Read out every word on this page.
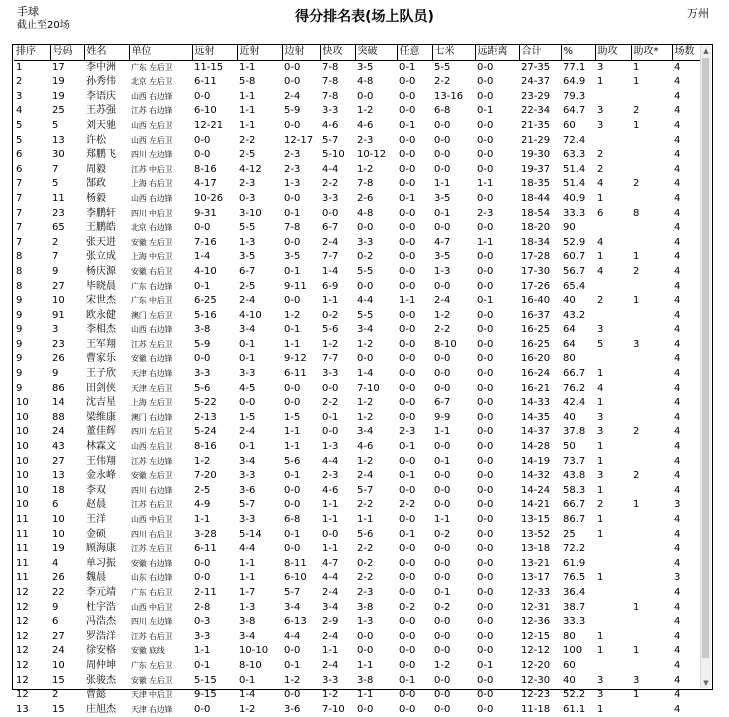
手球
截止至20场
得分排名表(场上队员)	万州
排序	号码	姓名	单位	远射	近射	边射	快攻	突破	任意	七米	远距离	合计	%	助攻	助攻*	场数
1	17	李中洲	广东 左后卫	11-15	1-1	0-0	7-8	3-5	0-1	5-5	0-0	27-35	77.1	3	1	4
2	19	孙秀伟	北京 左后卫	6-11	5-8	0-0	7-8	4-8	0-0	2-2	0-0	24-37	64.9	1	1	4
3	19	李语庆	山西 右边锋	0-0	1-1	2-4	7-8	0-0	0-0	13-16	0-0	23-29	79.3			4
4	25	王苏强	江苏 右边锋	6-10	1-1	5-9	3-3	1-2	0-0	6-8	0-1	22-34	64.7	3	2	4
5	5	刘天驰	山西 左后卫	12-21	1-1	0-0	4-6	4-6	0-1	0-0	0-0	21-35	60	3	1	4
5	13	许松	山西 左后卫	0-0	2-2	12-17	5-7	2-3	0-0	0-0	0-0	21-29	72.4			4
6	30	郑鹏飞	四川 左边锋	0-0	2-5	2-3	5-10	10-12	0-0	0-0	0-0	19-30	63.3	2		4
6	7	周毅	江苏 中后卫	8-16	4-12	2-3	4-4	1-2	0-0	0-0	0-0	19-37	51.4	2		4
7	5	郜政	上海 右后卫	4-17	2-3	1-3	2-2	7-8	0-0	1-1	1-1	18-35	51.4	4	2	4
7	11	杨毅	山西 右边锋	10-26	0-3	0-0	3-3	2-6	0-1	3-5	0-0	18-44	40.9	1		4
7	23	李鹏轩	四川 中后卫	9-31	3-10	0-1	0-0	4-8	0-0	0-1	2-3	18-54	33.3	6	8	4
7	65	王鹏皓	北京 右边锋	0-0	5-5	7-8	6-7	0-0	0-0	0-0	0-0	18-20	90			4
7	2	张天进	安徽 左后卫	7-16	1-3	0-0	2-4	3-3	0-0	4-7	1-1	18-34	52.9	4		4
8	7	张立成	上海 中后卫	1-4	3-5	3-5	7-7	0-2	0-0	3-5	0-0	17-28	60.7	1	1	4
8	9	杨庆源	安徽 右后卫	4-10	6-7	0-1	1-4	5-5	0-0	1-3	0-0	17-30	56.7	4	2	4
8	27	毕晓晨	广东 右边锋	0-1	2-5	9-11	6-9	0-0	0-0	0-0	0-0	17-26	65.4			4
9	10	宋世杰	广东 中后卫	6-25	2-4	0-0	1-1	4-4	1-1	2-4	0-1	16-40	40	2	1	4
9	91	欧永健	澳门 左后卫	5-16	4-10	1-2	0-2	5-5	0-0	1-2	0-0	16-37	43.2			4
9	3	李相杰	山西 右边锋	3-8	3-4	0-1	5-6	3-4	0-0	2-2	0-0	16-25	64	3		4
9	23	王军翔	江苏 左后卫	5-9	0-1	1-1	1-2	1-2	0-0	8-10	0-0	16-25	64	5	3	4
9	26	曹家乐	安徽 右边锋	0-0	0-1	9-12	7-7	0-0	0-0	0-0	0-0	16-20	80			4
9	9	王子欣	天津 右边锋	3-3	3-3	6-11	3-3	1-4	0-0	0-0	0-0	16-24	66.7	1		4
9	86	田剑侠	天津 左后卫	5-6	4-5	0-0	0-0	7-10	0-0	0-0	0-0	16-21	76.2	4		4
10	14	沈吉星	上海 左后卫	5-22	0-0	0-0	2-2	1-2	0-0	6-7	0-0	14-33	42.4	1		4
10	88	梁维康	澳门 右边锋	2-13	1-5	1-5	0-1	1-2	0-0	9-9	0-0	14-35	40	3		4
10	24	董佳辉	四川 左后卫	5-24	2-4	1-1	0-0	3-4	2-3	1-1	0-0	14-37	37.8	3	2	4
10	43	林霖文	山西 左后卫	8-16	0-1	1-1	1-3	4-6	0-1	0-0	0-0	14-28	50	1		4
10	27	王伟翔	江苏 左边锋	1-2	3-4	5-6	4-4	1-2	0-0	0-1	0-0	14-19	73.7	1		4
10	13	金永峰	安徽 左后卫	7-20	3-3	0-1	2-3	2-4	0-1	0-0	0-0	14-32	43.8	3	2	4
10	18	李双	四川 右边锋	2-5	3-6	0-0	4-6	5-7	0-0	0-0	0-0	14-24	58.3	1		4
10	6	赵晨	江苏 右后卫	4-9	5-7	0-0	1-1	2-2	2-2	0-0	0-0	14-21	66.7	2	1	3
11	10	王洋	山西 中后卫	1-1	3-3	6-8	1-1	1-1	0-0	1-1	0-0	13-15	86.7	1		4
11	10	金硕	四川 右后卫	3-28	5-14	0-1	0-0	5-6	0-1	0-2	0-0	13-52	25	1		4
11	19	顾海康	江苏 左后卫	6-11	4-4	0-0	1-1	2-2	0-0	0-0	0-0	13-18	72.2			4
11	4	单习振	安徽 右边锋	0-0	1-1	8-11	4-7	0-2	0-0	0-0	0-0	13-21	61.9			4
11	26	魏晨	山东 右边锋	0-0	1-1	6-10	4-4	2-2	0-0	0-0	0-0	13-17	76.5	1		3
12	22	李元靖	广东 右后卫	2-11	1-7	5-7	2-4	2-3	0-0	0-1	0-0	12-33	36.4			4
12	9	杜宇浩	山西 中后卫	2-8	1-3	3-4	3-4	3-8	0-2	0-2	0-0	12-31	38.7		1	4
12	6	冯浩杰	四川 左边锋	0-3	3-8	6-13	2-9	1-3	0-0	0-0	0-0	12-36	33.3			4
12	27	罗浩洋	江苏 右后卫	3-3	3-4	4-4	2-4	0-0	0-0	0-0	0-0	12-15	80	1		4
12	24	徐安格	安徽 底线	1-1	10-10	0-0	1-1	0-0	0-0	0-0	0-0	12-12	100	1	1	4
12	10	周仲坤	广东 左后卫	0-1	8-10	0-1	2-4	1-1	0-0	1-2	0-1	12-20	60			4
12	15	张骏杰	安徽 左后卫	5-15	0-1	1-2	3-3	3-8	0-1	0-0	0-0	12-30	40	3	3	4
12	2	曹懿	天津 中后卫	9-15	1-4	0-0	1-2	1-1	0-0	0-0	0-0	12-23	52.2	3	1	4
13	15	庄旭杰	天津 右边锋	0-0	1-2	3-6	7-10	0-0	0-0	0-0	0-0	11-18	61.1	1		4
▲
▼
